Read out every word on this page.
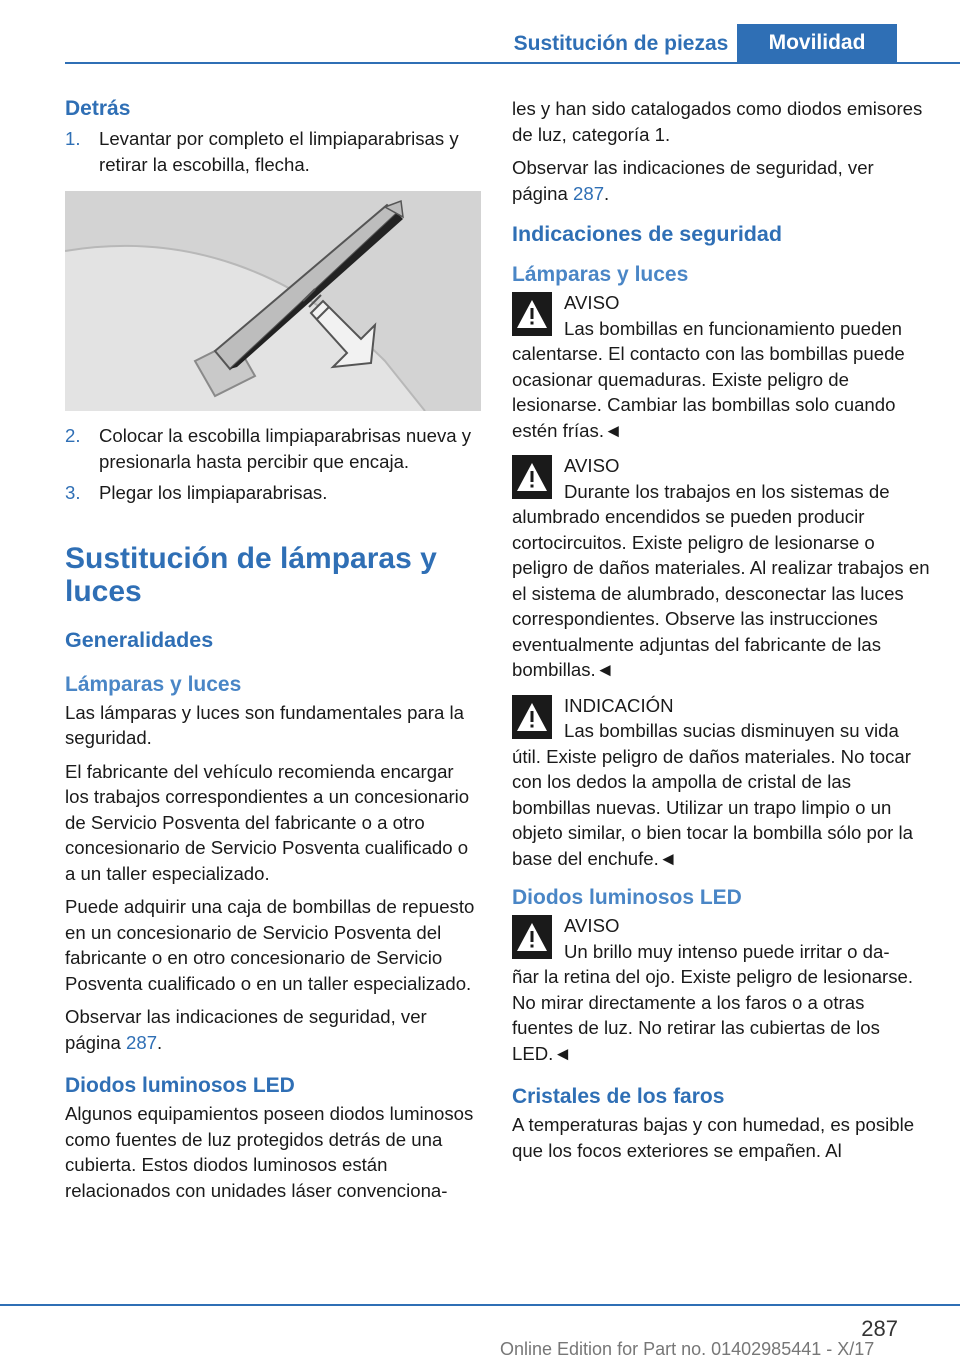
Sustitución de piezas	Movilidad
Detrás
1. Levantar por completo el limpiaparabrisas y retirar la escobilla, flecha.
2. Colocar la escobilla limpiaparabrisas nueva y presionarla hasta percibir que encaja.
3. Plegar los limpiaparabrisas.
Sustitución de lámparas y luces
Generalidades
Lámparas y luces

Las lámparas y luces son fundamentales para la seguridad.

El fabricante del vehículo recomienda encargar los trabajos correspondientes a un concesionario de Servicio Posventa del fabricante o a otro concesionario de Servicio Posventa cualificado o a un taller especializado.

Puede adquirir una caja de bombillas de repuesto en un concesionario de Servicio Posventa del fabricante o en otro concesionario de Servicio Posventa cualificado o en un taller especializado.

Observar las indicaciones de seguridad, ver página 287.

Diodos luminosos LED

Algunos equipamientos poseen diodos luminosos como fuentes de luz protegidos detrás de una cubierta. Estos diodos luminosos están relacionados con unidades láser convenciona-

les y han sido catalogados como diodos emisores de luz, categoría 1.

Observar las indicaciones de seguridad, ver página 287.

Indicaciones de seguridad
Lámparas y luces

AVISO

Las bombillas en funcionamiento pueden

calentarse. El contacto con las bombillas puede ocasionar quemaduras. Existe peligro de lesionarse. Cambiar las bombillas solo cuando estén frías.◄

AVISO

Durante los trabajos en los sistemas de

alumbrado encendidos se pueden producir cortocircuitos. Existe peligro de lesionarse o peligro de daños materiales. Al realizar trabajos en el sistema de alumbrado, desconectar las luces correspondientes. Observe las instrucciones eventualmente adjuntas del fabricante de las bombillas.◄

INDICACIÓN

Las bombillas sucias disminuyen su vida

útil. Existe peligro de daños materiales. No tocar con los dedos la ampolla de cristal de las bombillas nuevas. Utilizar un trapo limpio o un objeto similar, o bien tocar la bombilla sólo por la base del enchufe.◄
Diodos luminosos LED

AVISO

Un brillo muy intenso puede irritar o da-

ñar la retina del ojo. Existe peligro de lesionarse. No mirar directamente a los faros o a otras fuentes de luz. No retirar las cubiertas de los LED.◄
Cristales de los faros

A temperaturas bajas y con humedad, es posible que los focos exteriores se empañen. Al

287
Online Edition for Part no. 01402985441 - X/17
